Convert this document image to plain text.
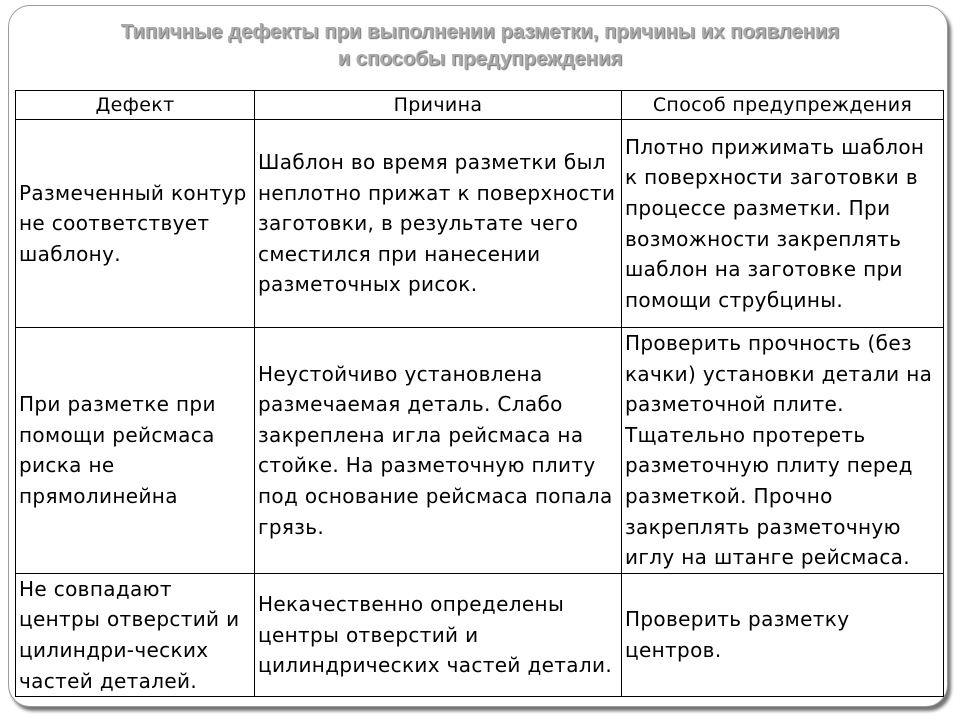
Типичные дефекты при выполнении разметки, причины их появления
и способы предупреждения
Дефект	Причина	Способ предупреждения
Размеченный контур не соответствует шаблону.	Шаблон во время разметки был неплотно прижат к поверхности заготовки, в результате чего сместился при нанесении разметочных рисок.	Плотно прижимать шаблон к поверхности заготовки в процессе разметки. При возможности закреплять шаблон на заготовке при помощи струбцины.
При разметке при помощи рейсмаса риска не прямолинейна	Неустойчиво установлена размечаемая деталь. Слабо закреплена игла рейсмаса на стойке. На разметочную плиту под основание рейсмаса попала грязь.	Проверить прочность (без качки) установки детали на разметочной плите. Тщательно протереть разметочную плиту перед разметкой. Прочно закреплять разметочную иглу на штанге рейсмаса.
Не совпадают центры отверстий и цилиндри-ческих частей деталей.	Некачественно определены центры отверстий и цилиндрических частей детали.	Проверить разметку центров.
